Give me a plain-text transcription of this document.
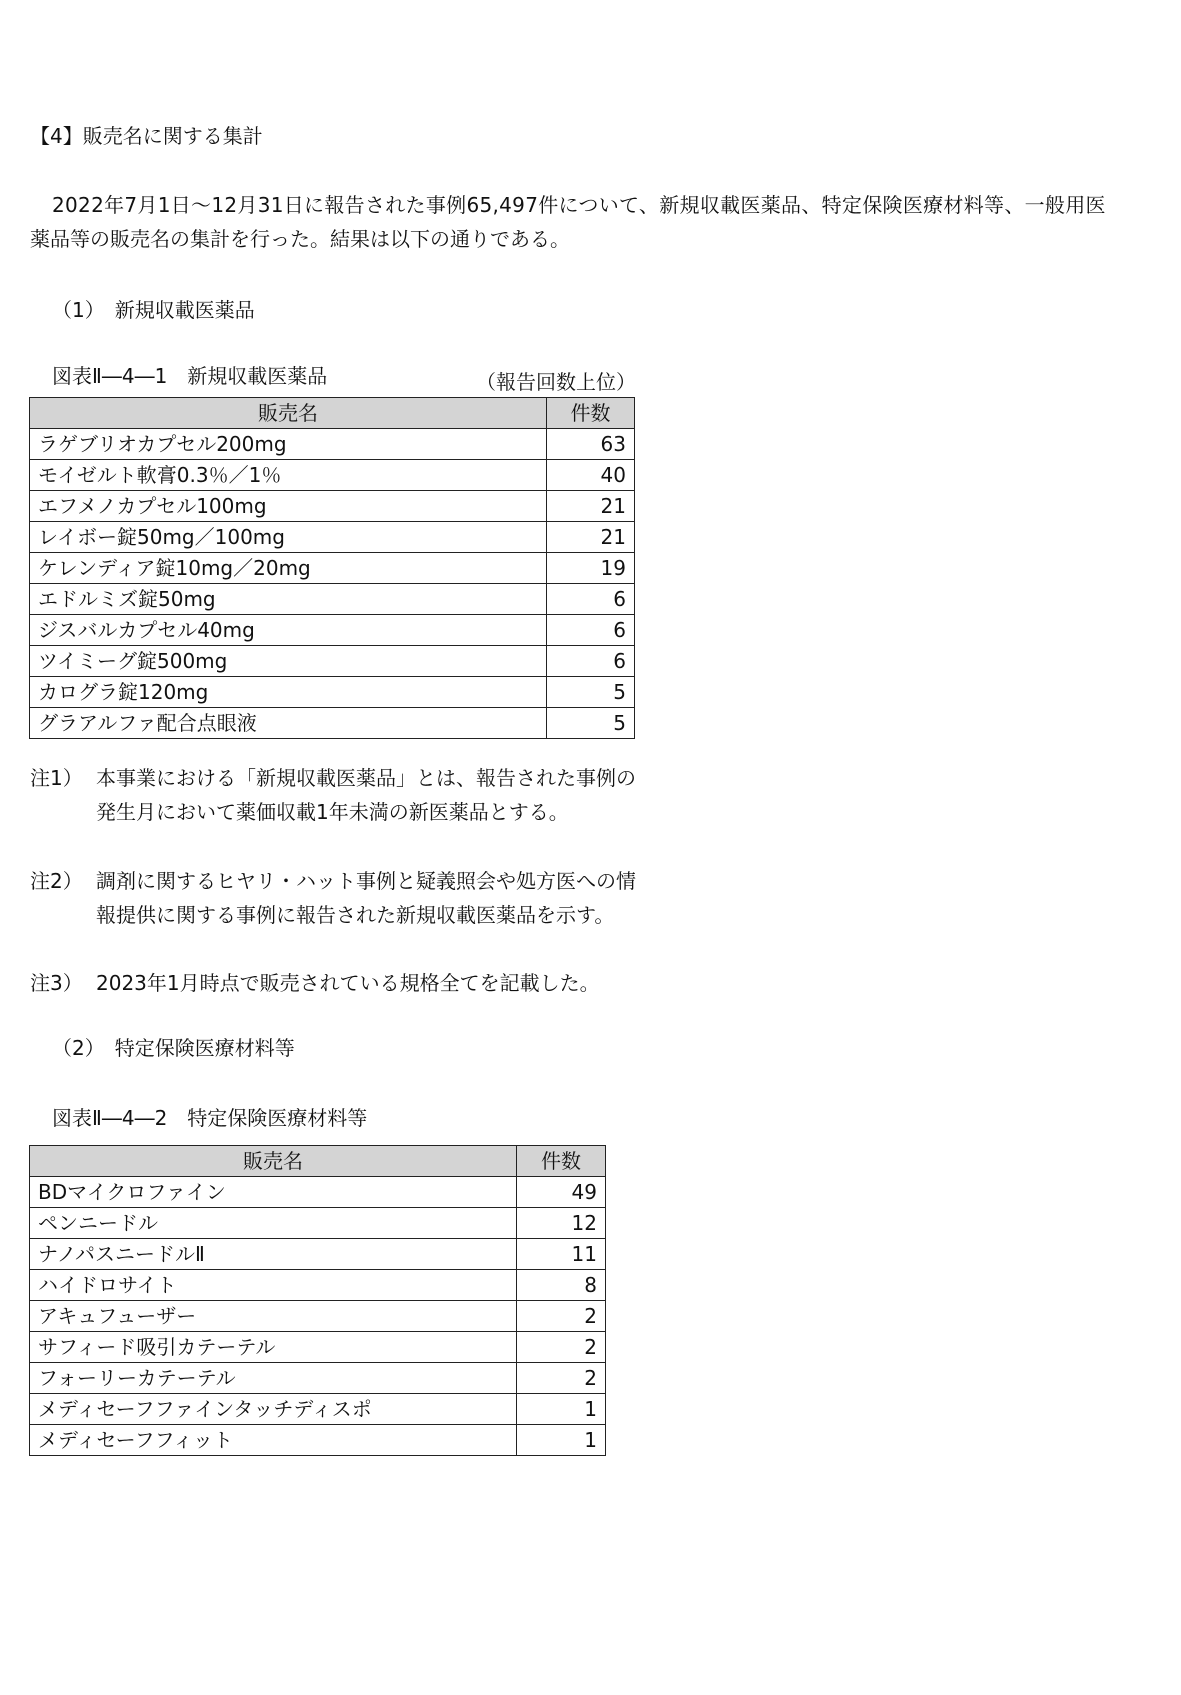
【4】販売名に関する集計
2022年7月1日～12月31日に報告された事例65,497件について、新規収載医薬品、特定保険医療材料等、一般用医
薬品等の販売名の集計を行った。結果は以下の通りである。
（1）　新規収載医薬品
図表Ⅱ―4―1　新規収載医薬品	（報告回数上位）
販売名	件数
ラゲブリオカプセル200mg	63
モイゼルト軟膏0.3％／1％	40
エフメノカプセル100mg	21
レイボー錠50mg／100mg	21
ケレンディア錠10mg／20mg	19
エドルミズ錠50mg	6
ジスバルカプセル40mg	6
ツイミーグ錠500mg	6
カログラ錠120mg	5
グラアルファ配合点眼液	5
注1） 本事業における「新規収載医薬品」とは、報告された事例の発生月において薬価収載1年未満の新医薬品とする。
注2） 調剤に関するヒヤリ・ハット事例と疑義照会や処方医への情報提供に関する事例に報告された新規収載医薬品を示す。
注3） 2023年1月時点で販売されている規格全てを記載した。
（2）　特定保険医療材料等
図表Ⅱ―4―2　特定保険医療材料等
販売名	件数
BDマイクロファイン	49
ペンニードル	12
ナノパスニードルⅡ	11
ハイドロサイト	8
アキュフューザー	2
サフィード吸引カテーテル	2
フォーリーカテーテル	2
メディセーフファインタッチディスポ	1
メディセーフフィット	1
